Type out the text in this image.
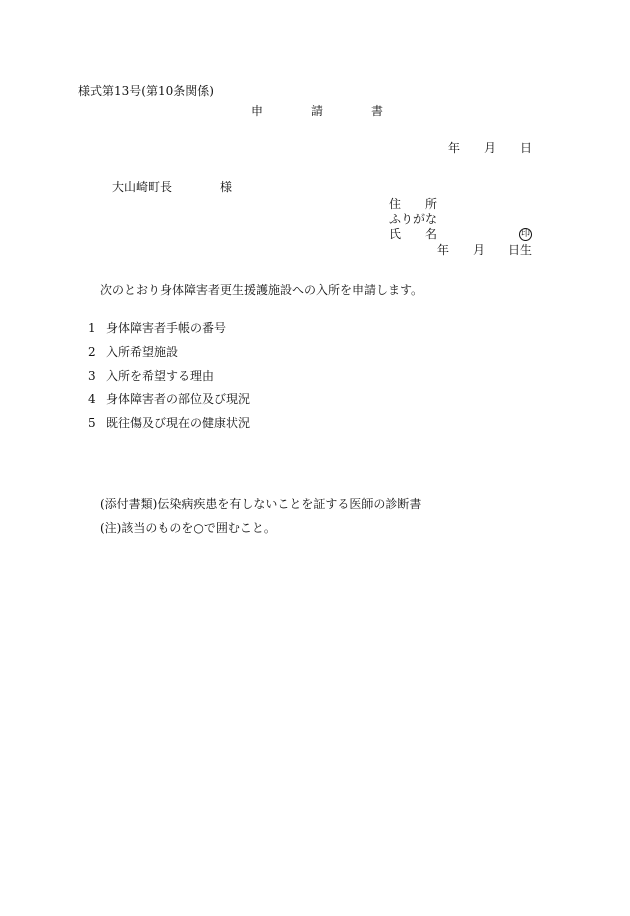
様式第13号(第10条関係)
申	請	書
年 月 日
大山崎町長	様
住 所
ふりがな
氏 名	印
年 月 日生
次のとおり身体障害者更生援護施設への入所を申請します。
1 身体障害者手帳の番号
2 入所希望施設
3 入所を希望する理由
4 身体障害者の部位及び現況
5 既往傷及び現在の健康状況
(添付書類)伝染病疾患を有しないことを証する医師の診断書
(注)該当のものを○で囲むこと。
